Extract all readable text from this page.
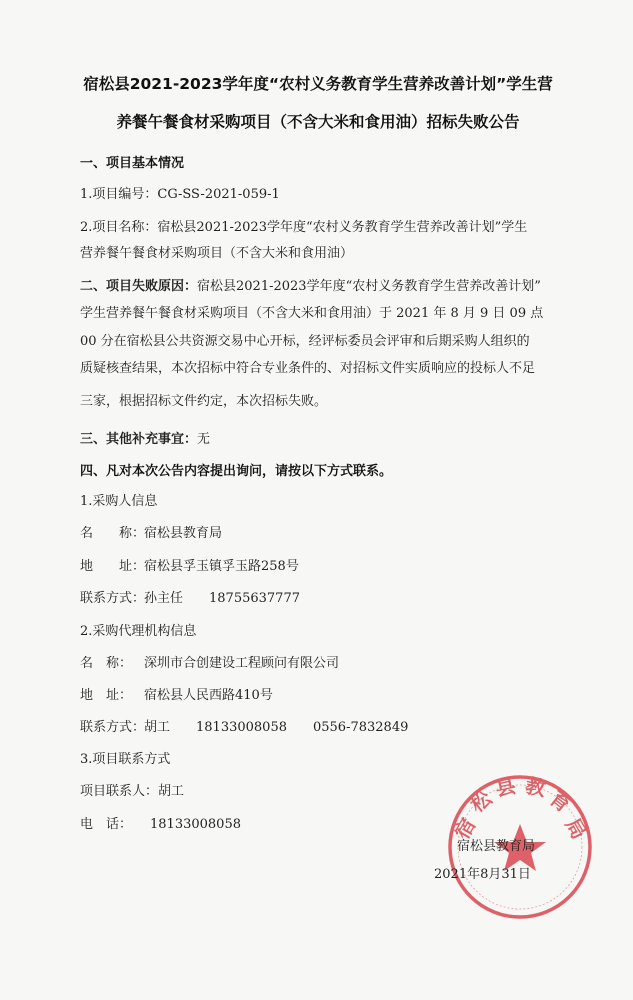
宿松县2021-2023学年度“农村义务教育学生营养改善计划”学生营
养餐午餐食材采购项目（不含大米和食用油）招标失败公告
一、项目基本情况
1.项目编号：CG-SS-2021-059-1
2.项目名称：宿松县2021-2023学年度“农村义务教育学生营养改善计划”学生
营养餐午餐食材采购项目（不含大米和食用油）
二、项目失败原因：宿松县2021-2023学年度“农村义务教育学生营养改善计划”
学生营养餐午餐食材采购项目（不含大米和食用油）于 2021 年 8 月 9 日 09 点
00 分在宿松县公共资源交易中心开标，经评标委员会评审和后期采购人组织的
质疑核查结果，本次招标中符合专业条件的、对招标文件实质响应的投标人不足
三家，根据招标文件约定，本次招标失败。
三、其他补充事宜：无
四、凡对本次公告内容提出询问，请按以下方式联系。
1.采购人信息
名　　称：宿松县教育局
地　　址：宿松县孚玉镇孚玉路258号
联系方式：孙主任　　18755637777
2.采购代理机构信息
名　称： 深圳市合创建设工程顾问有限公司
地　址： 宿松县人民西路410号
联系方式：胡工　　18133008058　　0556-7832849
3.项目联系方式
项目联系人：胡工
电　话： 18133008058	宿
松
县 教
育
局
宿松县教育局
2021年8月31日
